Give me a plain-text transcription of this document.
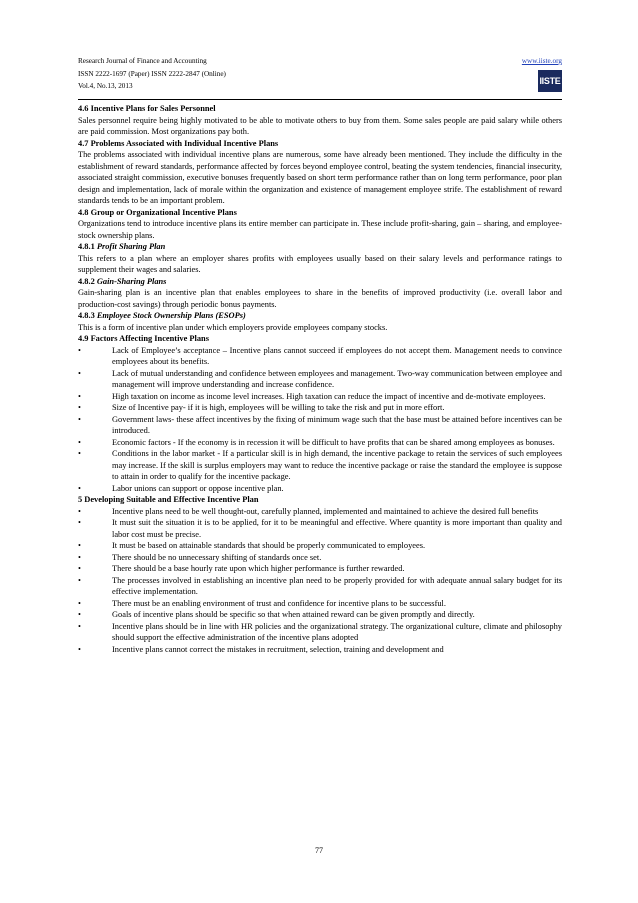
Research Journal of Finance and Accounting
ISSN 2222-1697 (Paper) ISSN 2222-2847 (Online)
Vol.4, No.13, 2013
www.iiste.org
IISTE

4.6 Incentive Plans for Sales Personnel

Sales personnel require being highly motivated to be able to motivate others to buy from them. Some sales people are paid salary while others are paid commission. Most organizations pay both.

4.7 Problems Associated with Individual Incentive Plans

The problems associated with individual incentive plans are numerous, some have already been mentioned. They include the difficulty in the establishment of reward standards, performance affected by forces beyond employee control, beating the system tendencies, financial insecurity, associated straight commission, executive bonuses frequently based on short term performance rather than on long term performance, poor plan design and implementation, lack of morale within the organization and existence of management employee strife. The establishment of reward standards tends to be an important problem.

4.8 Group or Organizational Incentive Plans

Organizations tend to introduce incentive plans its entire member can participate in. These include profit-sharing, gain – sharing, and employee-stock ownership plans.

4.8.1 Profit Sharing Plan

This refers to a plan where an employer shares profits with employees usually based on their salary levels and performance ratings to supplement their wages and salaries.

4.8.2 Gain-Sharing Plans

Gain-sharing plan is an incentive plan that enables employees to share in the benefits of improved productivity (i.e. overall labor and production-cost savings) through periodic bonus payments.

4.8.3 Employee Stock Ownership Plans (ESOPs)

This is a form of incentive plan under which employers provide employees company stocks.

4.9 Factors Affecting Incentive Plans

•	Lack of Employee’s acceptance – Incentive plans cannot succeed if employees do not accept them. Management needs to convince employees about its benefits.
•	Lack of mutual understanding and confidence between employees and management. Two-way communication between employee and management will improve understanding and increase confidence.
•	High taxation on income as income level increases. High taxation can reduce the impact of incentive and de-motivate employees.
•	Size of Incentive pay- if it is high, employees will be willing to take the risk and put in more effort.
•	Government laws- these affect incentives by the fixing of minimum wage such that the base must be attained before incentives can be introduced.
•	Economic factors - If the economy is in recession it will be difficult to have profits that can be shared among employees as bonuses.
•	Conditions in the labor market - If a particular skill is in high demand, the incentive package to retain the services of such employees may increase. If the skill is surplus employers may want to reduce the incentive package or raise the standard the employee is suppose to attain in order to qualify for the incentive package.
•	Labor unions can support or oppose incentive plan.

5 Developing Suitable and Effective Incentive Plan

•	Incentive plans need to be well thought-out, carefully planned, implemented and maintained to achieve the desired full benefits
•	It must suit the situation it is to be applied, for it to be meaningful and effective. Where quantity is more important than quality and labor cost must be precise.
•	It must be based on attainable standards that should be properly communicated to employees.
•	There should be no unnecessary shifting of standards once set.
•	There should be a base hourly rate upon which higher performance is further rewarded.
•	The processes involved in establishing an incentive plan need to be properly provided for with adequate annual salary budget for its effective implementation.
•	There must be an enabling environment of trust and confidence for incentive plans to be successful.
•	Goals of incentive plans should be specific so that when attained reward can be given promptly and directly.
•	Incentive plans should be in line with HR policies and the organizational strategy. The organizational culture, climate and philosophy should support the effective administration of the incentive plans adopted
•	Incentive plans cannot correct the mistakes in recruitment, selection, training and development and
77
